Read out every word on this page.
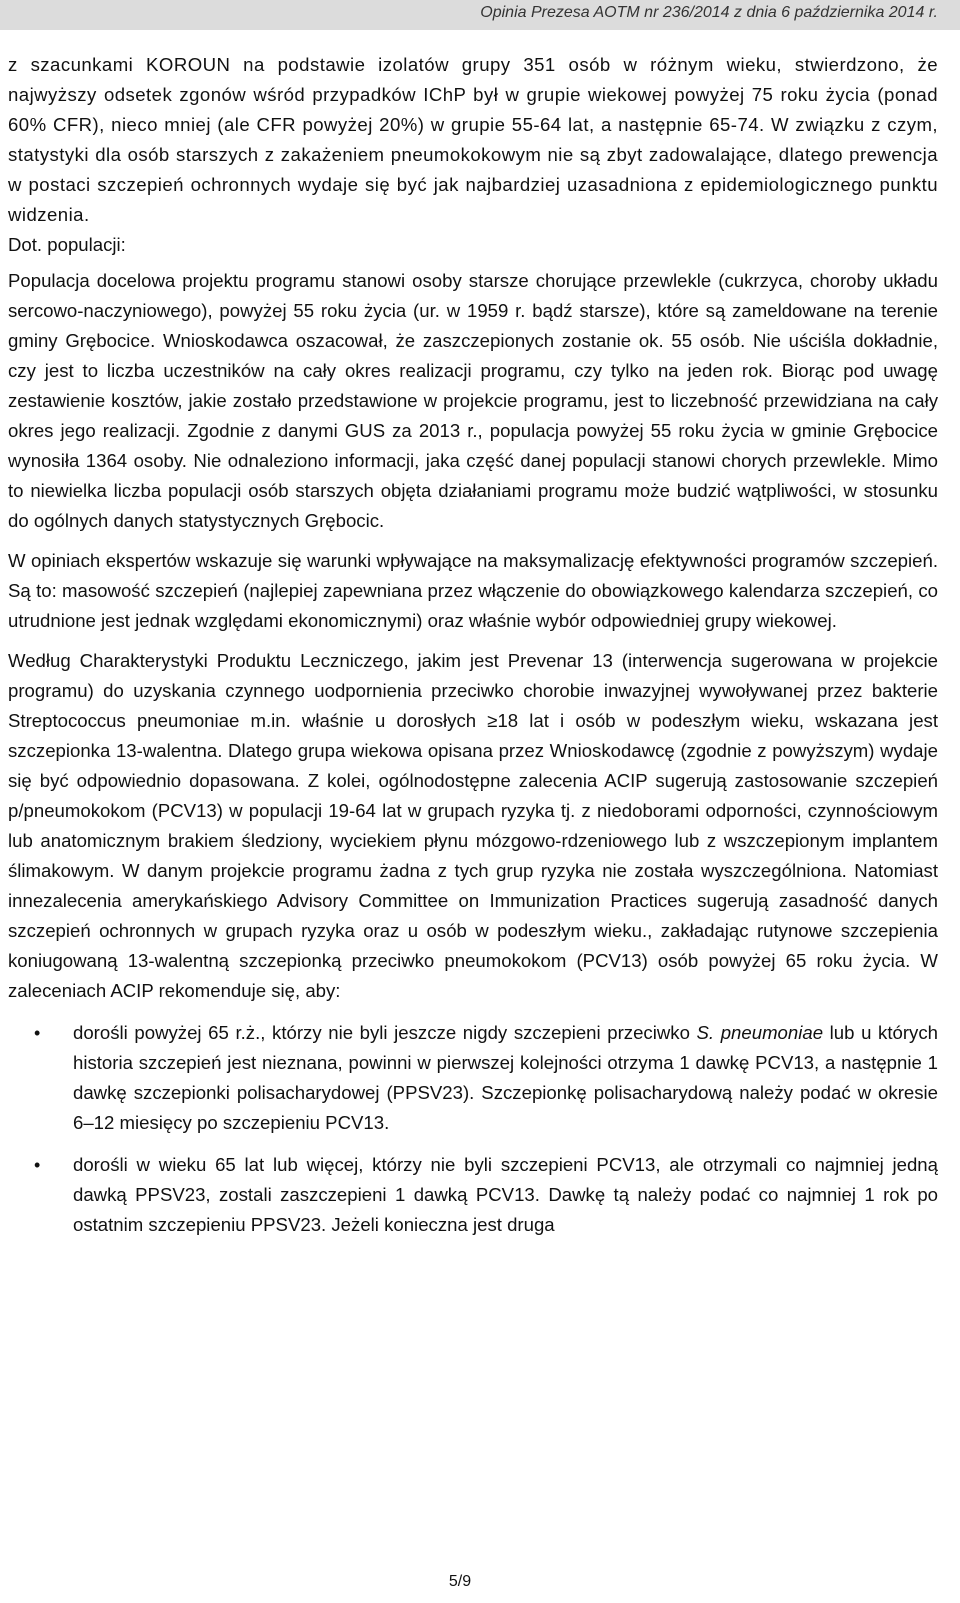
Opinia Prezesa AOTM nr 236/2014 z dnia 6 października 2014 r.

z szacunkami KOROUN na podstawie izolatów grupy 351 osób w różnym wieku, stwierdzono, że najwyższy odsetek zgonów wśród przypadków IChP był w grupie wiekowej powyżej 75 roku życia (ponad 60% CFR), nieco mniej (ale CFR powyżej 20%) w grupie 55-64 lat, a następnie 65-74. W związku z czym, statystyki dla osób starszych z zakażeniem pneumokokowym nie są zbyt zadowalające, dlatego prewencja w postaci szczepień ochronnych wydaje się być jak najbardziej uzasadniona z epidemiologicznego punktu widzenia.

Dot. populacji:

Populacja docelowa projektu programu stanowi osoby starsze chorujące przewlekle (cukrzyca, choroby układu sercowo-naczyniowego), powyżej 55 roku życia (ur. w 1959 r. bądź starsze), które są zameldowane na terenie gminy Grębocice. Wnioskodawca oszacował, że zaszczepionych zostanie ok. 55 osób. Nie uściśla dokładnie, czy jest to liczba uczestników na cały okres realizacji programu, czy tylko na jeden rok. Biorąc pod uwagę zestawienie kosztów, jakie zostało przedstawione w projekcie programu, jest to liczebność przewidziana na cały okres jego realizacji. Zgodnie z danymi GUS za 2013 r., populacja powyżej 55 roku życia w gminie Grębocice wynosiła 1364 osoby. Nie odnaleziono informacji, jaka część danej populacji stanowi chorych przewlekle. Mimo to niewielka liczba populacji osób starszych objęta działaniami programu może budzić wątpliwości, w stosunku do ogólnych danych statystycznych Grębocic.

W opiniach ekspertów wskazuje się warunki wpływające na maksymalizację efektywności programów szczepień. Są to: masowość szczepień (najlepiej zapewniana przez włączenie do obowiązkowego kalendarza szczepień, co utrudnione jest jednak względami ekonomicznymi) oraz właśnie wybór odpowiedniej grupy wiekowej.

Według Charakterystyki Produktu Leczniczego, jakim jest Prevenar 13 (interwencja sugerowana w projekcie programu) do uzyskania czynnego uodpornienia przeciwko chorobie inwazyjnej wywoływanej przez bakterie Streptococcus pneumoniae m.in. właśnie u dorosłych ≥18 lat i osób w podeszłym wieku, wskazana jest szczepionka 13-walentna. Dlatego grupa wiekowa opisana przez Wnioskodawcę (zgodnie z powyższym) wydaje się być odpowiednio dopasowana. Z kolei, ogólnodostępne zalecenia ACIP sugerują zastosowanie szczepień p/pneumokokom (PCV13) w populacji 19-64 lat w grupach ryzyka tj. z niedoborami odporności, czynnościowym lub anatomicznym brakiem śledziony, wyciekiem płynu mózgowo-rdzeniowego lub z wszczepionym implantem ślimakowym. W danym projekcie programu żadna z tych grup ryzyka nie została wyszczególniona. Natomiast innezalecenia amerykańskiego Advisory Committee on Immunization Practices sugerują zasadność danych szczepień ochronnych w grupach ryzyka oraz u osób w podeszłym wieku., zakładając rutynowe szczepienia koniugowaną 13-walentną szczepionką przeciwko pneumokokom (PCV13) osób powyżej 65 roku życia. W zaleceniach ACIP rekomenduje się, aby:

• dorośli powyżej 65 r.ż., którzy nie byli jeszcze nigdy szczepieni przeciwko S. pneumoniae lub u których historia szczepień jest nieznana, powinni w pierwszej kolejności otrzyma 1 dawkę PCV13, a następnie 1 dawkę szczepionki polisacharydowej (PPSV23). Szczepionkę polisacharydową należy podać w okresie 6–12 miesięcy po szczepieniu PCV13.
• dorośli w wieku 65 lat lub więcej, którzy nie byli szczepieni PCV13, ale otrzymali co najmniej jedną dawką PPSV23, zostali zaszczepieni 1 dawką PCV13. Dawkę tą należy podać co najmniej 1 rok po ostatnim szczepieniu PPSV23. Jeżeli konieczna jest druga
5/9
